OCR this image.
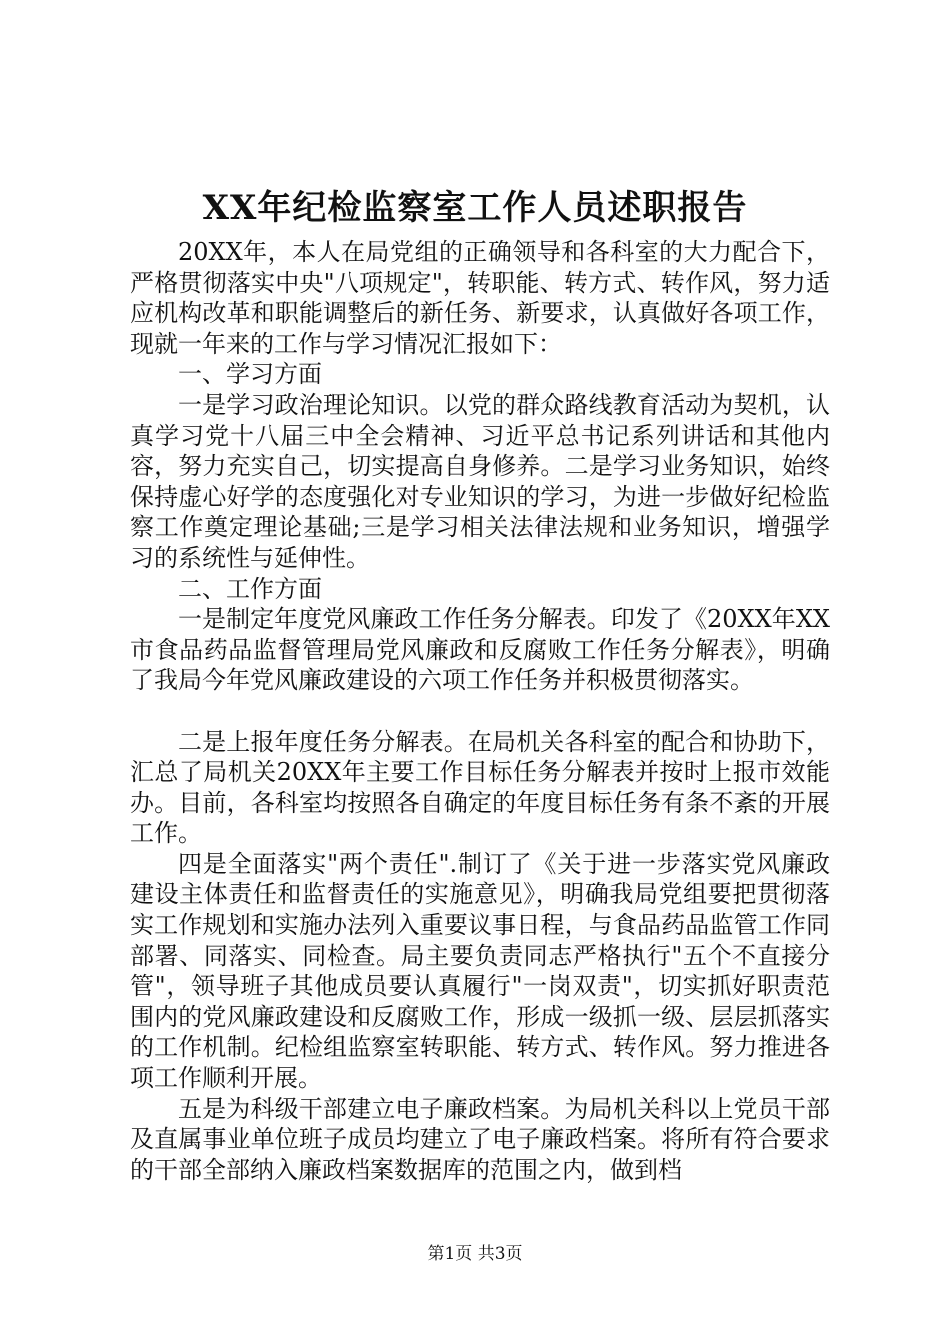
XX年纪检监察室工作人员述职报告

20XX年，本人在局党组的正确领导和各科室的大力配合下，严格贯彻落实中央"八项规定"，转职能、转方式、转作风，努力适应机构改革和职能调整后的新任务、新要求，认真做好各项工作，现就一年来的工作与学习情况汇报如下：

一、学习方面

一是学习政治理论知识。以党的群众路线教育活动为契机，认真学习党十八届三中全会精神、习近平总书记系列讲话和其他内容，努力充实自己，切实提高自身修养。二是学习业务知识，始终保持虚心好学的态度强化对专业知识的学习，为进一步做好纪检监察工作奠定理论基础;三是学习相关法律法规和业务知识，增强学习的系统性与延伸性。

二、工作方面

一是制定年度党风廉政工作任务分解表。印发了《20XX年XX市食品药品监督管理局党风廉政和反腐败工作任务分解表》，明确了我局今年党风廉政建设的六项工作任务并积极贯彻落实。

二是上报年度任务分解表。在局机关各科室的配合和协助下，汇总了局机关20XX年主要工作目标任务分解表并按时上报市效能办。目前，各科室均按照各自确定的年度目标任务有条不紊的开展工作。

四是全面落实"两个责任".制订了《关于进一步落实党风廉政建设主体责任和监督责任的实施意见》，明确我局党组要把贯彻落实工作规划和实施办法列入重要议事日程，与食品药品监管工作同部署、同落实、同检查。局主要负责同志严格执行"五个不直接分管"，领导班子其他成员要认真履行"一岗双责"，切实抓好职责范围内的党风廉政建设和反腐败工作，形成一级抓一级、层层抓落实的工作机制。纪检组监察室转职能、转方式、转作风。努力推进各项工作顺利开展。

五是为科级干部建立电子廉政档案。为局机关科以上党员干部及直属事业单位班子成员均建立了电子廉政档案。将所有符合要求的干部全部纳入廉政档案数据库的范围之内，做到档

第1页 共3页
